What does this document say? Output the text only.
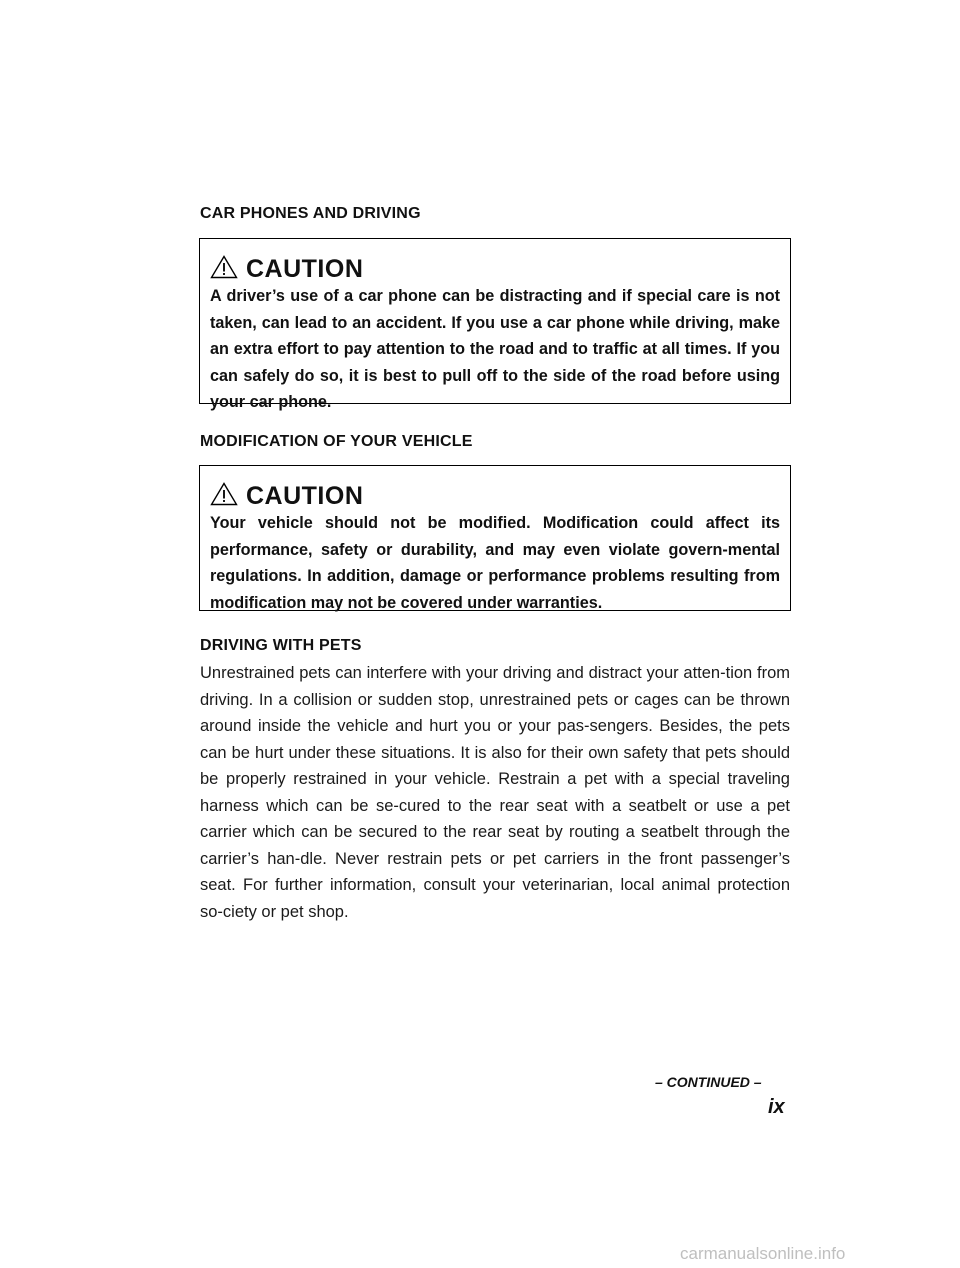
CAR PHONES AND DRIVING
CAUTION
A driver’s use of a car phone can be distracting and if special care is not taken, can lead to an accident. If you use a car phone while driving, make an extra effort to pay attention to the road and to traffic at all times. If you can safely do so, it is best to pull off to the side of the road before using your car phone.
MODIFICATION OF YOUR VEHICLE
CAUTION
Your vehicle should not be modified. Modification could affect its performance, safety or durability, and may even violate govern-mental regulations. In addition, damage or performance problems resulting from modification may not be covered under warranties.
DRIVING WITH PETS
Unrestrained pets can interfere with your driving and distract your atten-tion from driving. In a collision or sudden stop, unrestrained pets or cages can be thrown around inside the vehicle and hurt you or your pas-sengers. Besides, the pets can be hurt under these situations. It is also for their own safety that pets should be properly restrained in your vehicle. Restrain a pet with a special traveling harness which can be se-cured to the rear seat with a seatbelt or use a pet carrier which can be secured to the rear seat by routing a seatbelt through the carrier’s han-dle. Never restrain pets or pet carriers in the front passenger’s seat. For further information, consult your veterinarian, local animal protection so-ciety or pet shop.
– CONTINUED –
ix
carmanualsonline.info
